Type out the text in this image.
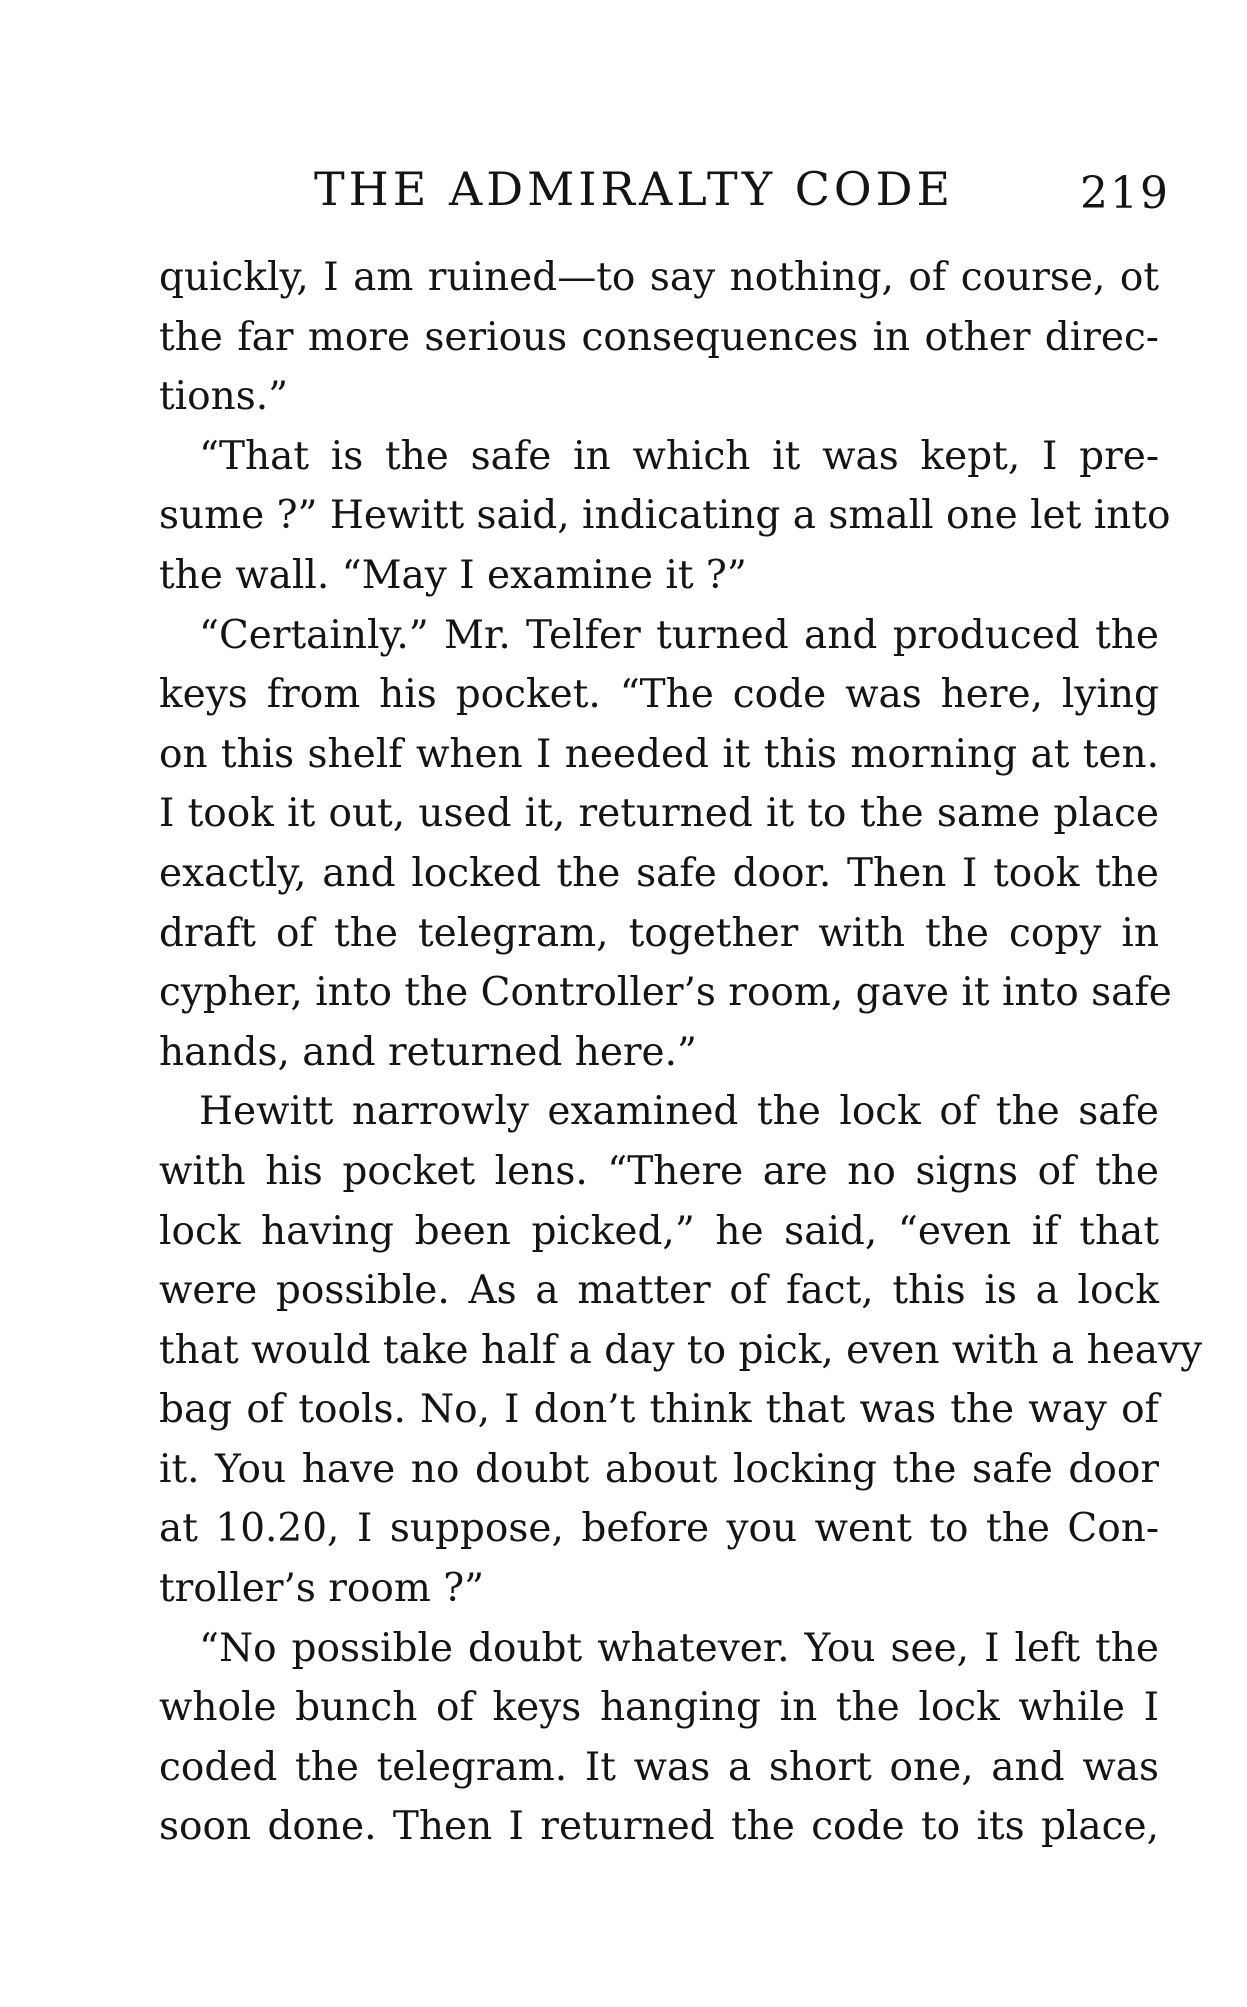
THE ADMIRALTY CODE	219
quickly, I am ruined—to say nothing, of course, ot
the far more serious consequences in other direc-
tions.”
“That is the safe in which it was kept, I pre-
sume ?” Hewitt said, indicating a small one let into
the wall. “May I examine it ?”
“Certainly.” Mr. Telfer turned and produced the
keys from his pocket. “The code was here, lying
on this shelf when I needed it this morning at ten.
I took it out, used it, returned it to the same place
exactly, and locked the safe door. Then I took the
draft of the telegram, together with the copy in
cypher, into the Controller’s room, gave it into safe
hands, and returned here.”
Hewitt narrowly examined the lock of the safe
with his pocket lens. “There are no signs of the
lock having been picked,” he said, “even if that
were possible. As a matter of fact, this is a lock
that would take half a day to pick, even with a heavy
bag of tools. No, I don’t think that was the way of
it. You have no doubt about locking the safe door
at 10.20, I suppose, before you went to the Con-
troller’s room ?”
“No possible doubt whatever. You see, I left the
whole bunch of keys hanging in the lock while I
coded the telegram. It was a short one, and was
soon done. Then I returned the code to its place,
